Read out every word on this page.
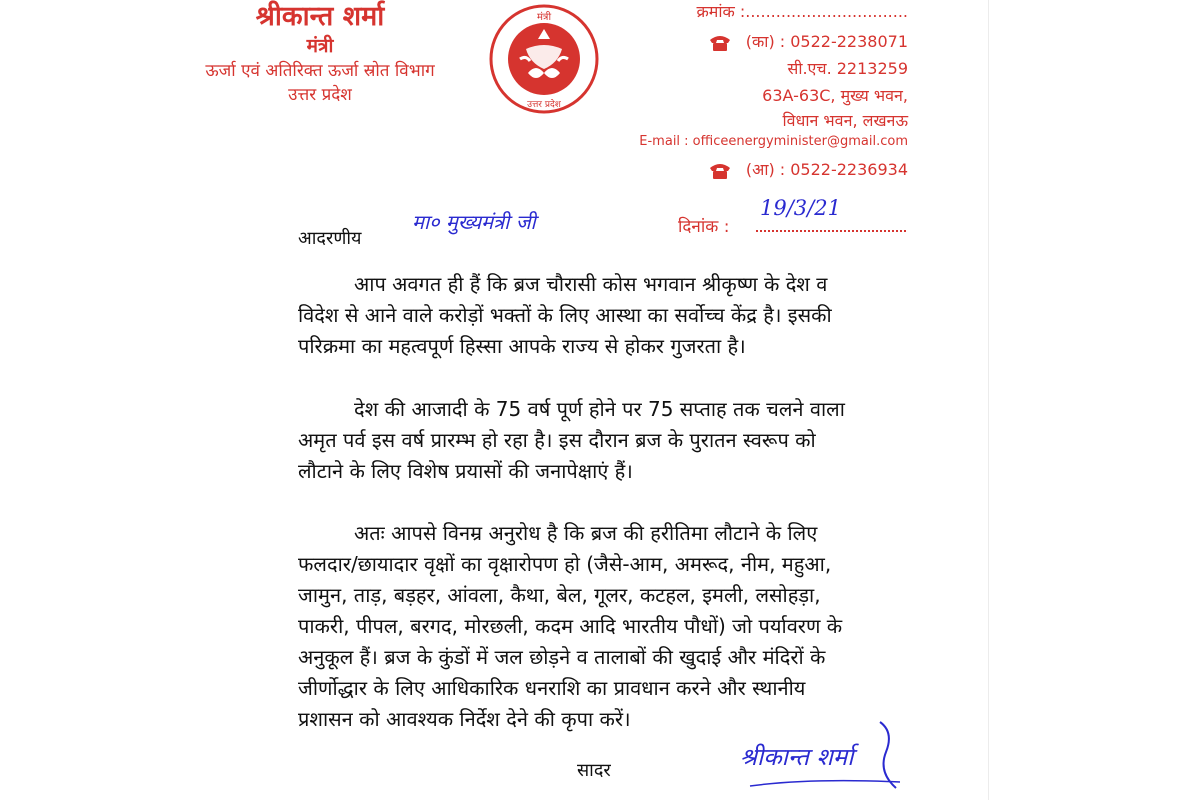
श्रीकान्त शर्मा
मंत्री
ऊर्जा एवं अतिरिक्त ऊर्जा स्रोत विभाग
उत्तर प्रदेश
मंत्री
उत्तर प्रदेश
क्रमांक :................................
(का) : 0522-2238071
सी.एच. 2213259
63A-63C, मुख्य भवन,
विधान भवन, लखनऊ
E-mail : officeenergyminister@gmail.com
(आ) : 0522-2236934
आदरणीय
मा० मुख्यमंत्री जी	दिनांक :
19/3/21
आप अवगत ही हैं कि ब्रज चौरासी कोस भगवान श्रीकृष्ण के देश व
विदेश से आने वाले करोड़ों भक्तों के लिए आस्था का सर्वोच्च केंद्र है। इसकी
परिक्रमा का महत्वपूर्ण हिस्सा आपके राज्य से होकर गुजरता है।
देश की आजादी के 75 वर्ष पूर्ण होने पर 75 सप्ताह तक चलने वाला
अमृत पर्व इस वर्ष प्रारम्भ हो रहा है। इस दौरान ब्रज के पुरातन स्वरूप को
लौटाने के लिए विशेष प्रयासों की जनापेक्षाएं हैं।
अतः आपसे विनम्र अनुरोध है कि ब्रज की हरीतिमा लौटाने के लिए
फलदार/छायादार वृक्षों का वृक्षारोपण हो (जैसे-आम, अमरूद, नीम, महुआ,
जामुन, ताड़, बड़हर, आंवला, कैथा, बेल, गूलर, कटहल, इमली, लसोहड़ा,
पाकरी, पीपल, बरगद, मोरछली, कदम आदि भारतीय पौधों) जो पर्यावरण के
अनुकूल हैं। ब्रज के कुंडों में जल छोड़ने व तालाबों की खुदाई और मंदिरों के
जीर्णोद्धार के लिए आधिकारिक धनराशि का प्रावधान करने और स्थानीय
प्रशासन को आवश्यक निर्देश देने की कृपा करें।
सादर	श्रीकान्त शर्मा
